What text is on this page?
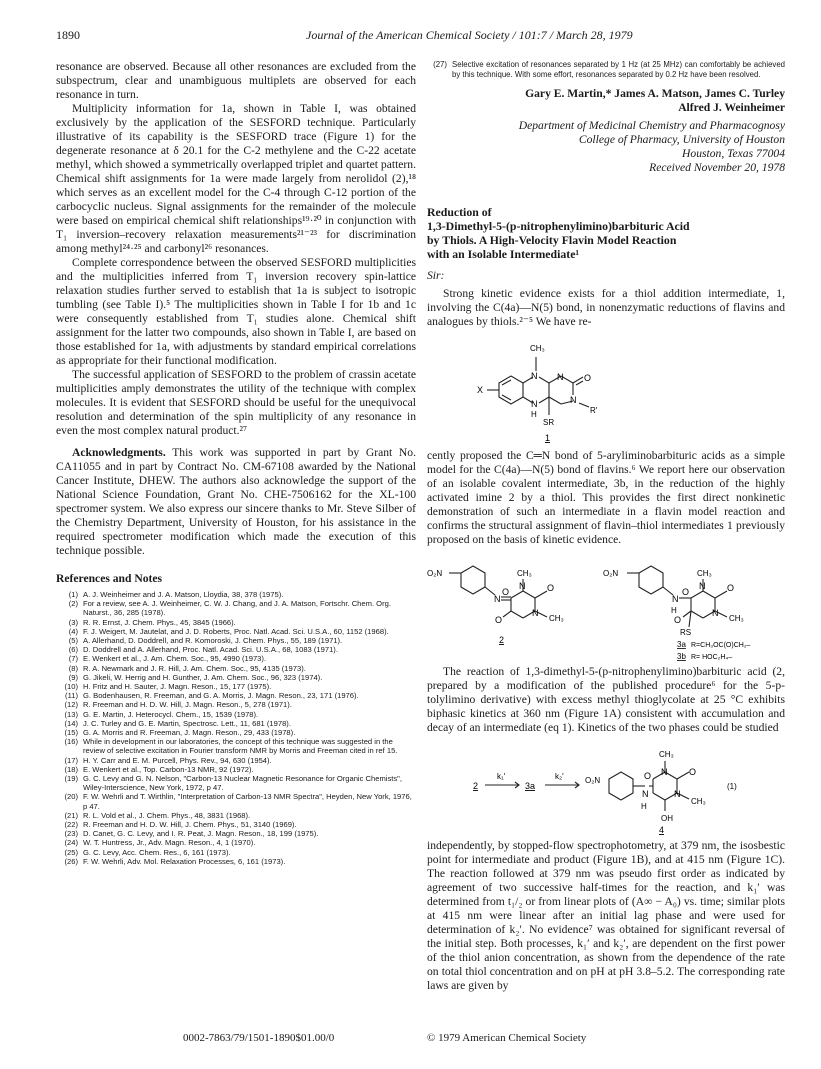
1890	Journal of the American Chemical Society / 101:7 / March 28, 1979

resonance are observed. Because all other resonances are excluded from the subspectrum, clear and unambiguous multiplets are observed for each resonance in turn.

Multiplicity information for 1a, shown in Table I, was obtained exclusively by the application of the SESFORD technique. Particularly illustrative of its capability is the SESFORD trace (Figure 1) for the degenerate resonance at δ 20.1 for the C-2 methylene and the C-22 acetate methyl, which showed a symmetrically overlapped triplet and quartet pattern. Chemical shift assignments for 1a were made largely from nerolidol (2),¹⁸ which serves as an excellent model for the C-4 through C-12 portion of the carbocyclic nucleus. Signal assignments for the remainder of the molecule were based on empirical chemical shift relationships¹⁹·²⁰ in conjunction with T₁ inversion–recovery relaxation measurements²¹⁻²³ for discrimination among methyl²⁴·²⁵ and carbonyl²⁶ resonances.

Complete correspondence between the observed SESFORD multiplicities and the multiplicities inferred from T₁ inversion recovery spin-lattice relaxation studies further served to establish that 1a is subject to isotropic tumbling (see Table I).⁵ The multiplicities shown in Table I for 1b and 1c were consequently established from T₁ studies alone. Chemical shift assignment for the latter two compounds, also shown in Table I, are based on those established for 1a, with adjustments by standard empirical correlations as appropriate for their functional modification.

The successful application of SESFORD to the problem of crassin acetate multiplicities amply demonstrates the utility of the technique with complex molecules. It is evident that SESFORD should be useful for the unequivocal resolution and determination of the spin multiplicity of any resonance in even the most complex natural product.²⁷

Acknowledgments. This work was supported in part by Grant No. CA11055 and in part by Contract No. CM-67108 awarded by the National Cancer Institute, DHEW. The authors also acknowledge the support of the National Science Foundation, Grant No. CHE-7506162 for the XL-100 spectromer system. We also express our sincere thanks to Mr. Steve Silber of the Chemistry Department, University of Houston, for his assistance in the required spectrometer modification which made the execution of this technique possible.

References and Notes

(1) A. J. Weinheimer and J. A. Matson, Lloydia, 38, 378 (1975).
(2) For a review, see A. J. Weinheimer, C. W. J. Chang, and J. A. Matson, Fortschr. Chem. Org. Naturst., 36, 285 (1978).
(3) R. R. Ernst, J. Chem. Phys., 45, 3845 (1966).
(4) F. J. Weigert, M. Jautelat, and J. D. Roberts, Proc. Natl. Acad. Sci. U.S.A., 60, 1152 (1968).
(5) A. Allerhand, D. Doddrell, and R. Komoroski, J. Chem. Phys., 55, 189 (1971).
(6) D. Doddrell and A. Allerhand, Proc. Natl. Acad. Sci. U.S.A., 68, 1083 (1971).
(7) E. Wenkert et al., J. Am. Chem. Soc., 95, 4990 (1973).
(8) R. A. Newmark and J. R. Hill, J. Am. Chem. Soc., 95, 4135 (1973).
(9) G. Jikeli, W. Herrig and H. Gunther, J. Am. Chem. Soc., 96, 323 (1974).
(10) H. Fritz and H. Sauter, J. Magn. Reson., 15, 177 (1975).
(11) G. Bodenhausen, R. Freeman, and G. A. Morris, J. Magn. Reson., 23, 171 (1976).
(12) R. Freeman and H. D. W. Hill, J. Magn. Reson., 5, 278 (1971).
(13) G. E. Martin, J. Heterocycl. Chem., 15, 1539 (1978).
(14) J. C. Turley and G. E. Martin, Spectrosc. Lett., 11, 681 (1978).
(15) G. A. Morris and R. Freeman, J. Magn. Reson., 29, 433 (1978).
(16) While in development in our laboratories, the concept of this technique was suggested in the review of selective excitation in Fourier transform NMR by Morris and Freeman cited in ref 15.
(17) H. Y. Carr and E. M. Purcell, Phys. Rev., 94, 630 (1954).
(18) E. Wenkert et al., Top. Carbon-13 NMR, 92 (1972).
(19) G. C. Levy and G. N. Nelson, "Carbon-13 Nuclear Magnetic Resonance for Organic Chemists", Wiley-Interscience, New York, 1972, p 47.
(20) F. W. Wehrli and T. Wirthlin, "Interpretation of Carbon-13 NMR Spectra", Heyden, New York, 1976, p 47.
(21) R. L. Vold et al., J. Chem. Phys., 48, 3831 (1968).
(22) R. Freeman and H. D. W. Hill, J. Chem. Phys., 51, 3140 (1969).
(23) D. Canet, G. C. Levy, and I. R. Peat, J. Magn. Reson., 18, 199 (1975).
(24) W. T. Huntress, Jr., Adv. Magn. Reson., 4, 1 (1970).
(25) G. C. Levy, Acc. Chem. Res., 6, 161 (1973).
(26) F. W. Wehrli, Adv. Mol. Relaxation Processes, 6, 161 (1973).
(27) Selective excitation of resonances separated by 1 Hz (at 25 MHz) can comfortably be achieved by this technique. With some effort, resonances separated by 0.2 Hz have been resolved.

Gary E. Martin,* James A. Matson, James C. Turley
Alfred J. Weinheimer

Department of Medicinal Chemistry and Pharmacognosy
College of Pharmacy, University of Houston
Houston, Texas 77004

Received November 20, 1978

Reduction of
1,3-Dimethyl-5-(p-nitrophenylimino)barbituric Acid
by Thiols. A High-Velocity Flavin Model Reaction
with an Isolable Intermediate¹

Sir:

Strong kinetic evidence exists for a thiol addition intermediate, 1, involving the C(4a)—N(5) bond, in nonenzymatic reductions of flavins and analogues by thiols.²⁻⁵ We have re-

CH₃
X
N
N
N
N
O
R′
H
SR
1

cently proposed the C═N bond of 5-aryliminobarbituric acids as a simple model for the C(4a)—N(5) bond of flavins.⁶ We report here our observation of an isolable covalent intermediate, 3b, in the reduction of the highly activated imine 2 by a thiol. This provides the first direct nonkinetic demonstration of such an intermediate in a flavin model reaction and confirms the structural assignment of flavin–thiol intermediates 1 previously proposed on the basis of kinetic evidence.

O₂N	CH₃
CH₃
N
N
N
O	O
O
2
O₂N	CH₃
CH₃
N
N
N
O	O
O
H
RS
3a R=CH₃OC(O)CH₂–
3b R= HOC₂H₄–

The reaction of 1,3-dimethyl-5-(p-nitrophenylimino)barbituric acid (2, prepared by a modification of the published procedure⁶ for the 5-p-tolylimino derivative) with excess methyl thioglycolate at 25 °C exhibits biphasic kinetics at 360 nm (Figure 1A) consistent with accumulation and decay of an intermediate (eq 1). Kinetics of the two phases could be studied

2
k₁′
3a
k₂′	O₂N
CH₃
CH₃
N
N
N
O	O
H
OH
4
(1)

independently, by stopped-flow spectrophotometry, at 379 nm, the isosbestic point for intermediate and product (Figure 1B), and at 415 nm (Figure 1C). The reaction followed at 379 nm was pseudo first order as indicated by agreement of two successive half-times for the reaction, and k₁′ was determined from t₁/₂ or from linear plots of (A∞ − A₀) vs. time; similar plots at 415 nm were linear after an initial lag phase and were used for determination of k₂′. No evidence⁷ was obtained for significant reversal of the initial step. Both processes, k₁′ and k₂′, are dependent on the first power of the thiol anion concentration, as shown from the dependence of the rate on total thiol concentration and on pH at pH 3.8–5.2. The corresponding rate laws are given by

0002-7863/79/1501-1890$01.00/0	© 1979 American Chemical Society
